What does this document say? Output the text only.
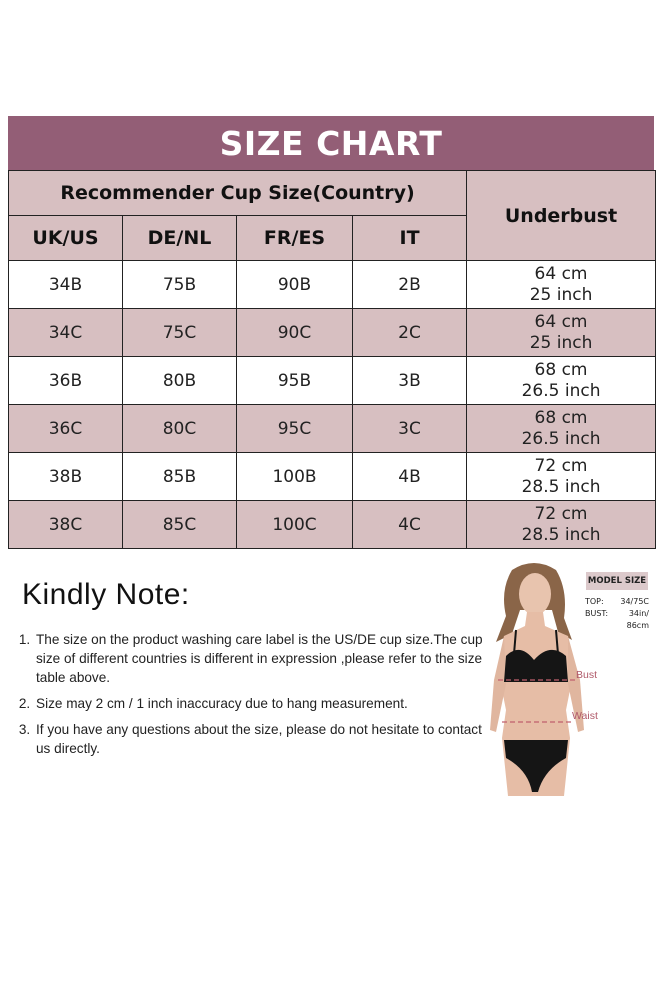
SIZE CHART
Recommender Cup Size(Country)				Underbust
UK/US	DE/NL	FR/ES	IT	
34B	75B	90B	2B	64 cm
25 inch

34C	75C	90C	2C	64 cm
25 inch

36B	80B	95B	3B	68 cm
26.5 inch

36C	80C	95C	3C	68 cm
26.5 inch

38B	85B	100B	4B	72 cm
28.5 inch

38C	85C	100C	4C	72 cm
28.5 inch
Kindly Note:
1. The size on the product washing care label is the US/DE cup size.The cup size of different countries is different in expression ,please refer to the size table above.
2. Size may 2 cm / 1 inch inaccuracy due to hang measurement.
3. If you have any questions about the size, please do not hesitate to contact us directly.
Bust
Waist
MODEL SIZE
TOP: 34/75C
BUST:	34in/
86cm
